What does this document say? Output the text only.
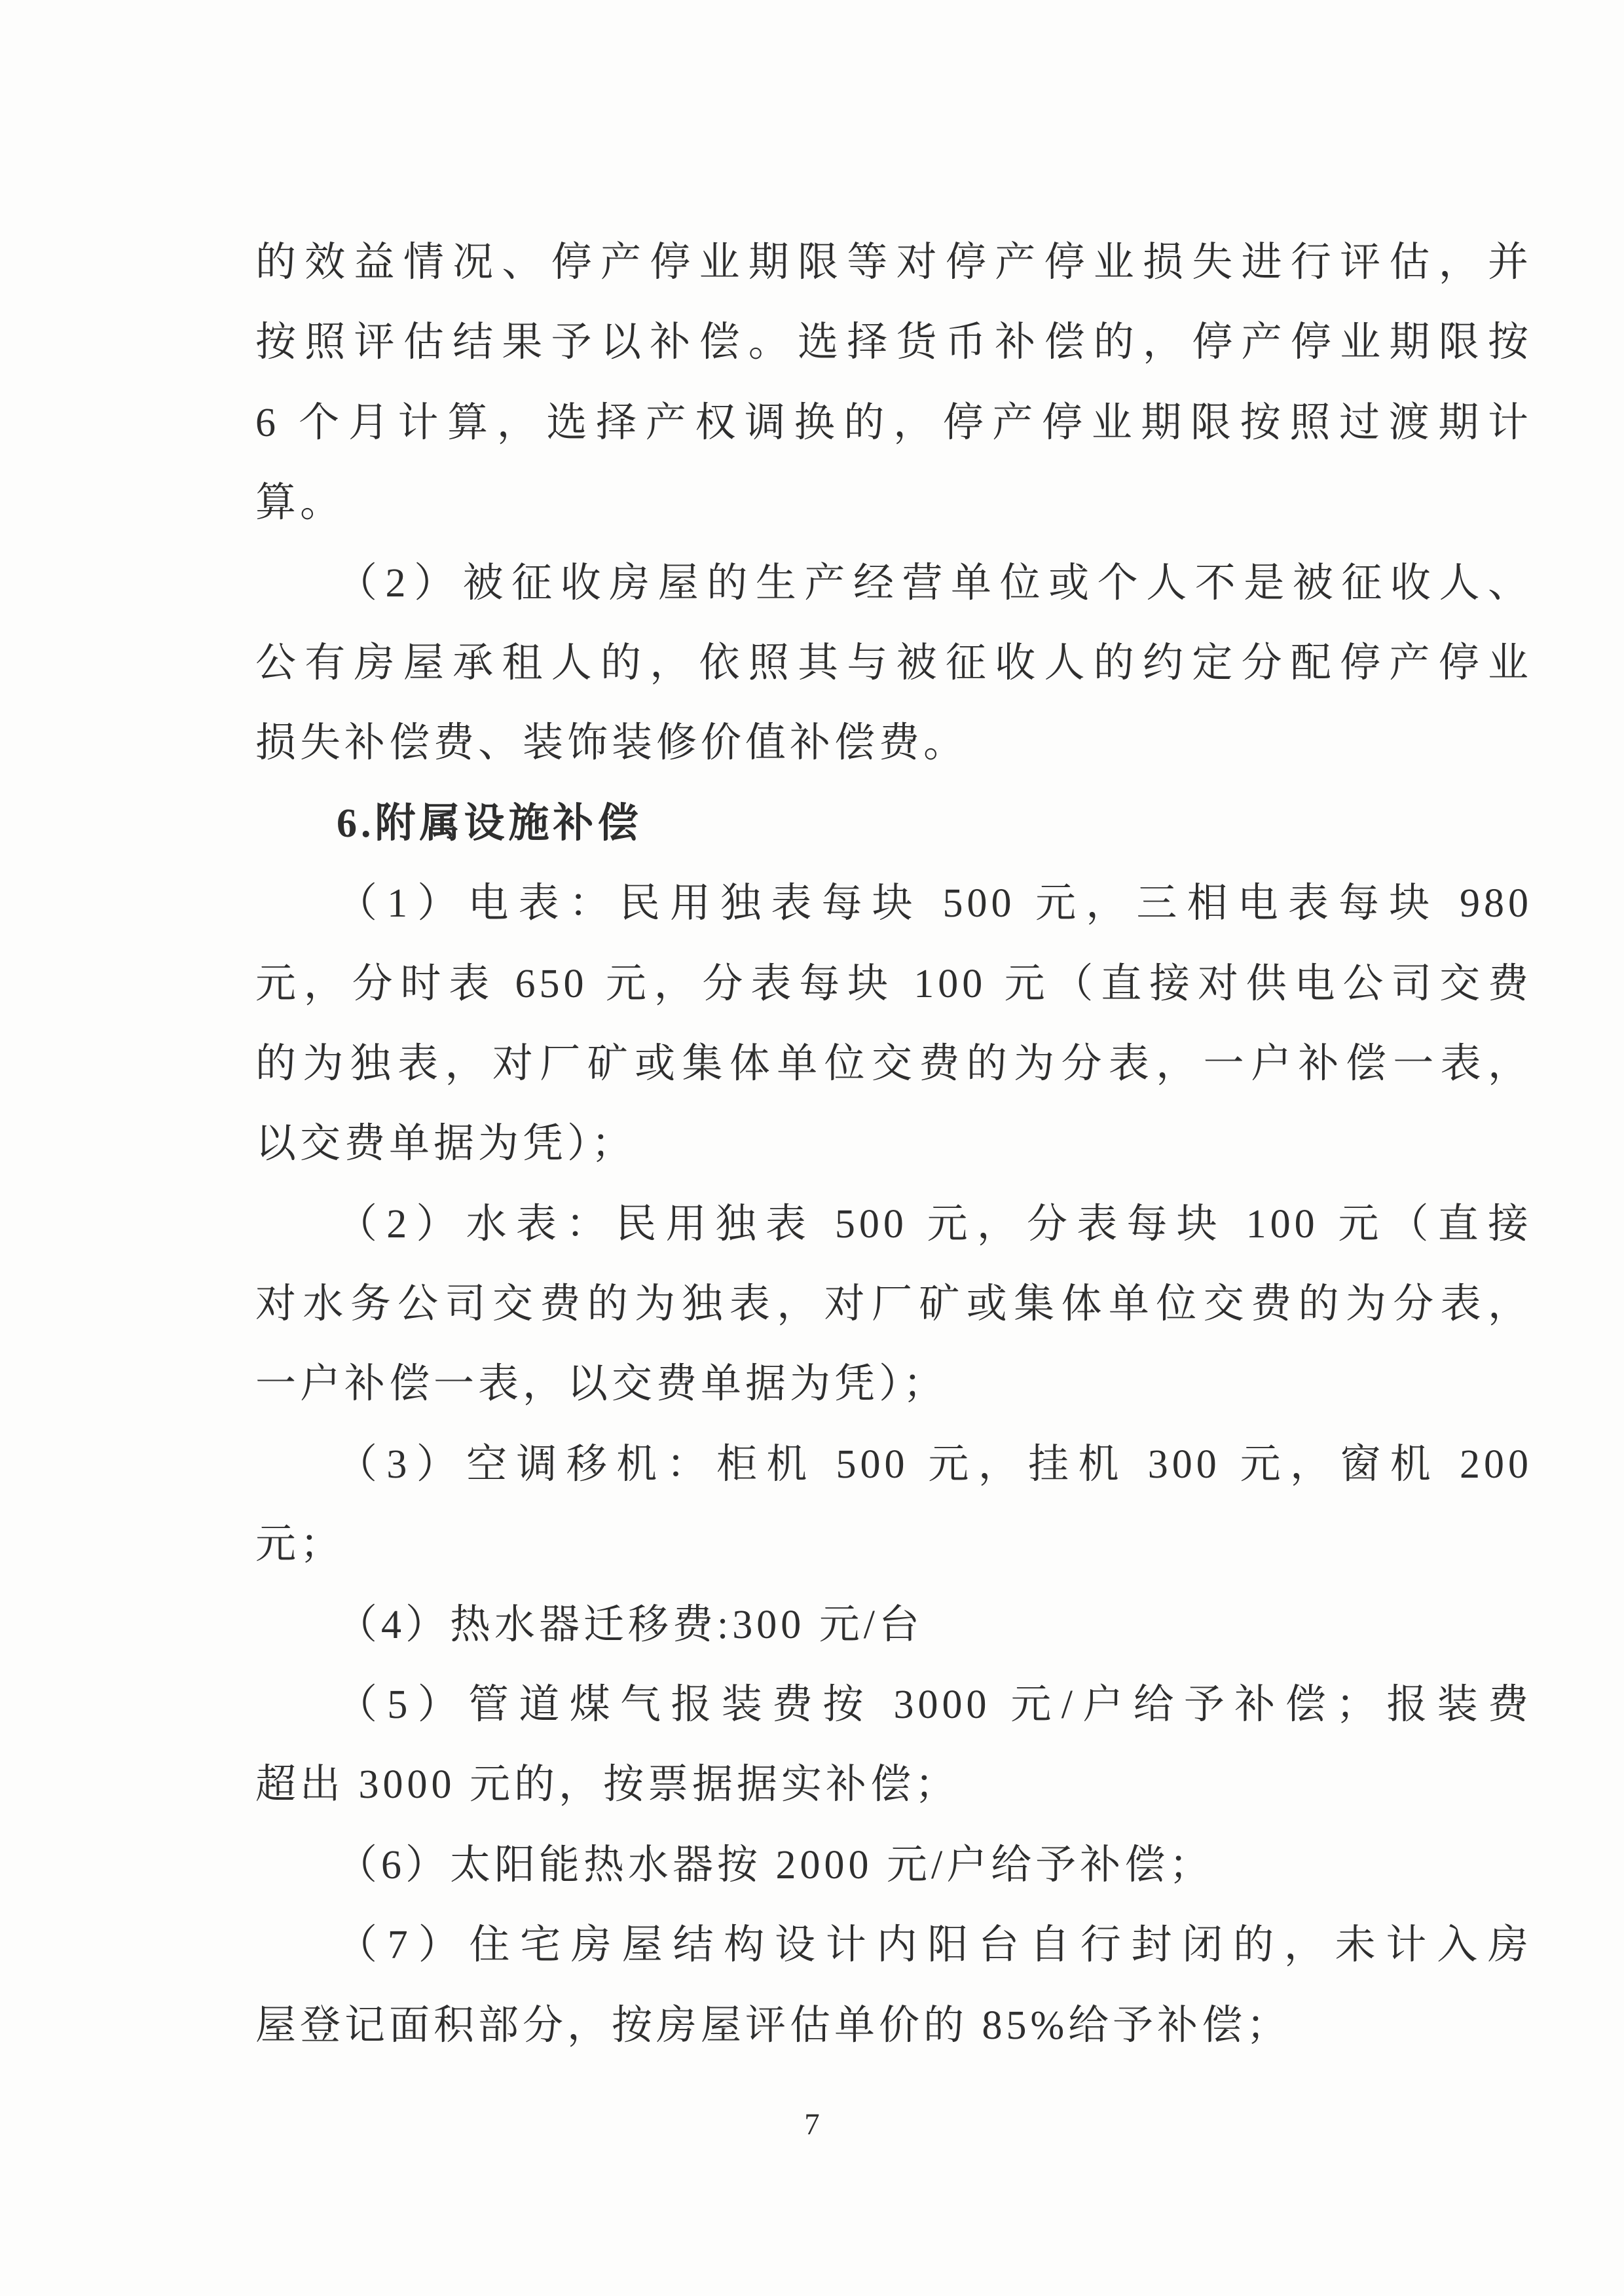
的效益情况、停产停业期限等对停产停业损失进行评估，并
按照评估结果予以补偿。选择货币补偿的，停产停业期限按
6 个月计算，选择产权调换的，停产停业期限按照过渡期计
算。
（2）被征收房屋的生产经营单位或个人不是被征收人、
公有房屋承租人的，依照其与被征收人的约定分配停产停业
损失补偿费、装饰装修价值补偿费。
6.附属设施补偿
（1）电表：民用独表每块 500 元，三相电表每块 980
元，分时表 650 元，分表每块 100 元（直接对供电公司交费
的为独表，对厂矿或集体单位交费的为分表，一户补偿一表，
以交费单据为凭）；
（2）水表：民用独表 500 元，分表每块 100 元（直接
对水务公司交费的为独表，对厂矿或集体单位交费的为分表，
一户补偿一表，以交费单据为凭）；
（3）空调移机：柜机 500 元，挂机 300 元，窗机 200
元；
（4）热水器迁移费:300 元/台
（5）管道煤气报装费按 3000 元/户给予补偿；报装费
超出 3000 元的，按票据据实补偿；
（6）太阳能热水器按 2000 元/户给予补偿；
（7）住宅房屋结构设计内阳台自行封闭的，未计入房
屋登记面积部分，按房屋评估单价的 85%给予补偿；
7
